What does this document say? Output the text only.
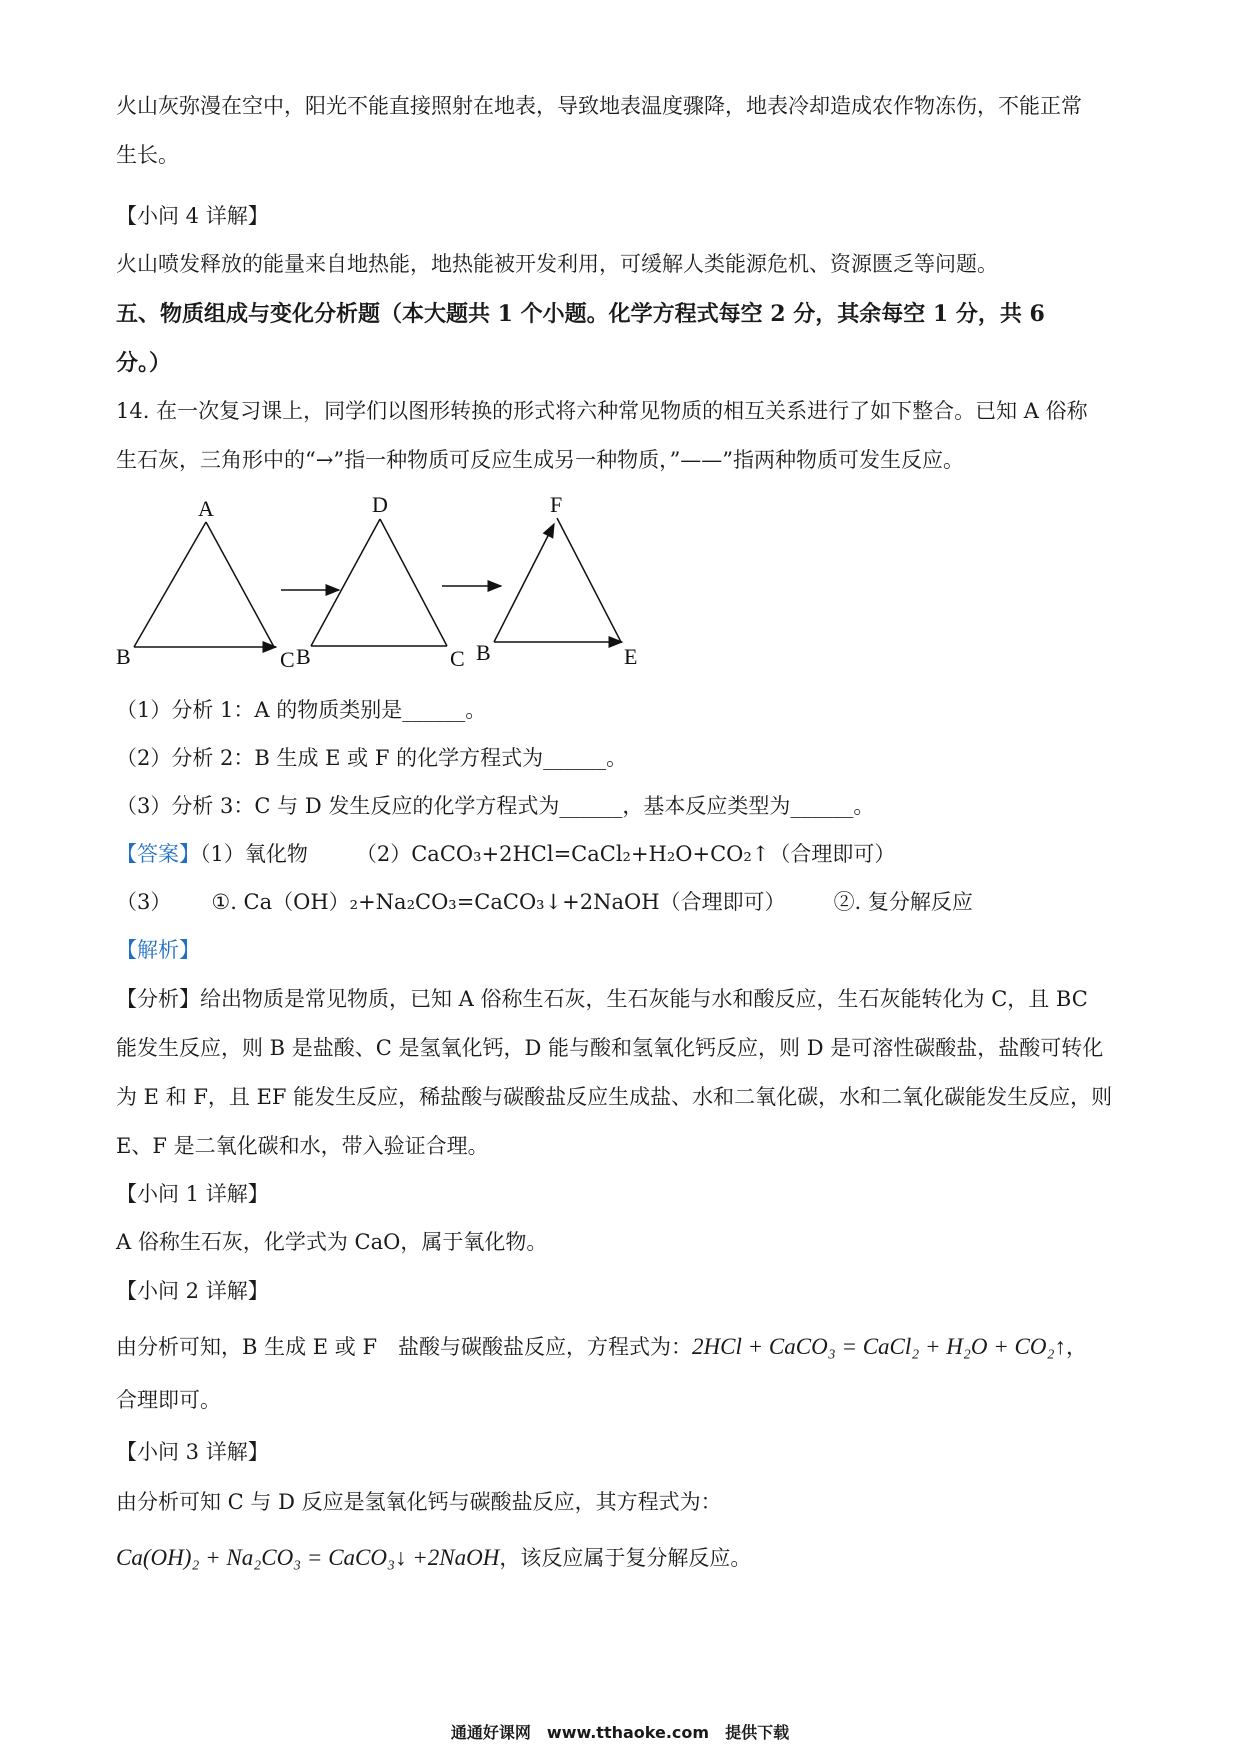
火山灰弥漫在空中，阳光不能直接照射在地表，导致地表温度骤降，地表冷却造成农作物冻伤，不能正常
生长。

【小问 4 详解】

火山喷发释放的能量来自地热能，地热能被开发利用，可缓解人类能源危机、资源匮乏等问题。

五、物质组成与变化分析题（本大题共 1 个小题。化学方程式每空 2 分，其余每空 1 分，共 6
分。）

14. 在一次复习课上，同学们以图形转换的形式将六种常见物质的相互关系进行了如下整合。已知 A 俗称
生石灰，三角形中的“→”指一种物质可反应生成另一种物质，”——”指两种物质可发生反应。

A
B	C
D
B	C
F
B	E

（1）分析 1：A 的物质类别是______。

（2）分析 2：B 生成 E 或 F 的化学方程式为______。

（3）分析 3：C 与 D 发生反应的化学方程式为______，基本反应类型为______。

【答案】（1）氧化物 （2）CaCO₃+2HCl=CaCl₂+H₂O+CO₂↑（合理即可）

（3） ①. Ca（OH）₂+Na₂CO₃=CaCO₃↓+2NaOH（合理即可） ②. 复分解反应

【解析】

【分析】给出物质是常见物质，已知 A 俗称生石灰，生石灰能与水和酸反应，生石灰能转化为 C，且 BC
能发生反应，则 B 是盐酸、C 是氢氧化钙，D 能与酸和氢氧化钙反应，则 D 是可溶性碳酸盐，盐酸可转化
为 E 和 F，且 EF 能发生反应，稀盐酸与碳酸盐反应生成盐、水和二氧化碳，水和二氧化碳能发生反应，则
E、F 是二氧化碳和水，带入验证合理。

【小问 1 详解】

A 俗称生石灰，化学式为 CaO，属于氧化物。

【小问 2 详解】

由分析可知，B 生成 E 或 F　盐酸与碳酸盐反应，方程式为：2HCl + CaCO₃ = CaCl₂ + H₂O + CO₂↑，

合理即可。

【小问 3 详解】

由分析可知 C 与 D 反应是氢氧化钙与碳酸盐反应，其方程式为：

Ca(OH)₂ + Na₂CO₃ = CaCO₃↓ +2NaOH，该反应属于复分解反应。

通通好课网　www.tthaoke.com　提供下载
